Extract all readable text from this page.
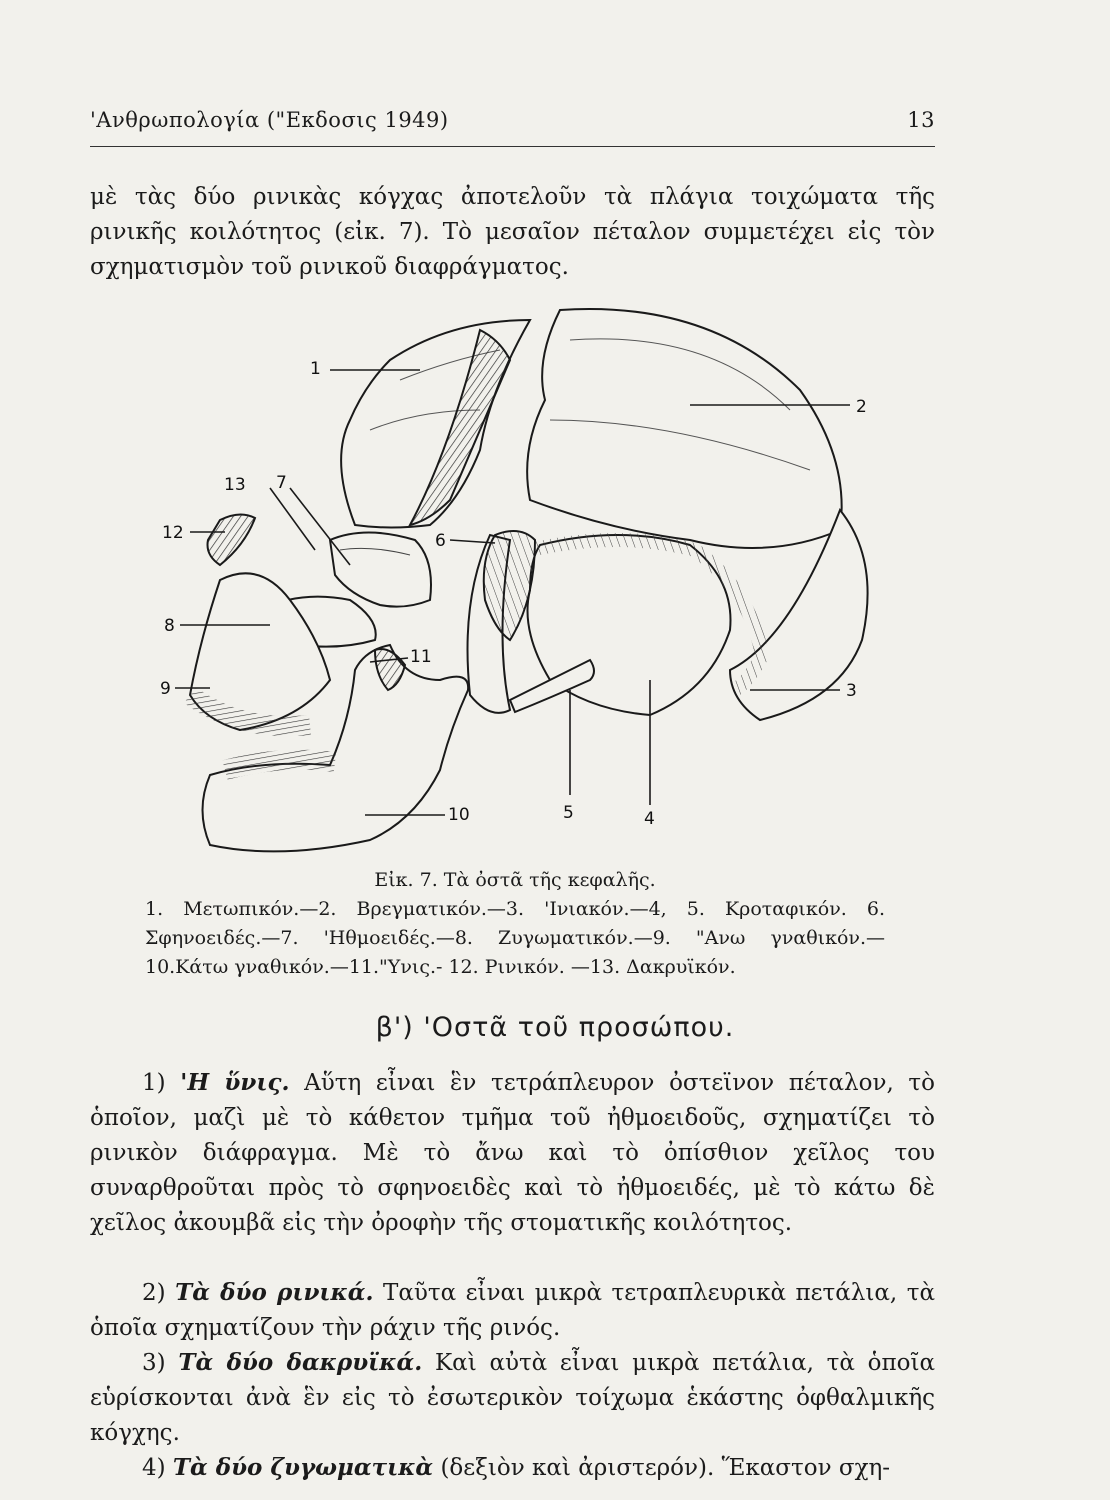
'Ανθρωπολογία ("Εκδοσις 1949)	13
μὲ τὰς δύο ρινικὰς κόγχας ἀποτελοῦν τὰ πλάγια τοιχώματα τῆς ρινικῆς κοιλότητος (εἰκ. 7). Τὸ μεσαῖον πέταλον συμμετέχει εἰς τὸν σχηματισμὸν τοῦ ρινικοῦ διαφράγματος.
1
2
3
4
5
6
7
8
9
10
11
12
13
Εἰκ. 7. Τὰ ὀστᾶ τῆς κεφαλῆς.
1. Μετωπικόν.—2. Βρεγματικόν.—3. 'Ινιακόν.—4, 5. Κροταφικόν. 6. Σφηνοειδές.—7. 'Ηθμοειδές.—8. Ζυγωματικόν.—9. "Ανω γναθικόν.—10.Κάτω γναθικόν.—11."Υνις.- 12. Ρινικόν. —13. Δακρυϊκόν.
β') 'Οστᾶ τοῦ προσώπου.
1) 'Η ὕνις. Αὕτη εἶναι ἓν τετράπλευρον ὀστεϊνον πέταλον, τὸ ὁποῖον, μαζὶ μὲ τὸ κάθετον τμῆμα τοῦ ἠθμοειδοῦς, σχηματίζει τὸ ρινικὸν διάφραγμα. Μὲ τὸ ἄνω καὶ τὸ ὀπίσθιον χεῖλος του συναρθροῦται πρὸς τὸ σφηνοειδὲς καὶ τὸ ἠθμοειδές, μὲ τὸ κάτω δὲ χεῖλος ἀκουμβᾶ εἰς τὴν ὀροφὴν τῆς στοματικῆς κοιλότητος.
2) Τὰ δύο ρινικά. Ταῦτα εἶναι μικρὰ τετραπλευρικὰ πετάλια, τὰ ὁποῖα σχηματίζουν τὴν ράχιν τῆς ρινός.
3) Τὰ δύο δακρυϊκά. Καὶ αὐτὰ εἶναι μικρὰ πετάλια, τὰ ὁποῖα εὑρίσκονται ἀνὰ ἓν εἰς τὸ ἐσωτερικὸν τοίχωμα ἑκάστης ὀφθαλμικῆς κόγχης.
4) Τὰ δύο ζυγωματικὰ (δεξιὸν καὶ ἀριστερόν). Ἕκαστον σχη-
